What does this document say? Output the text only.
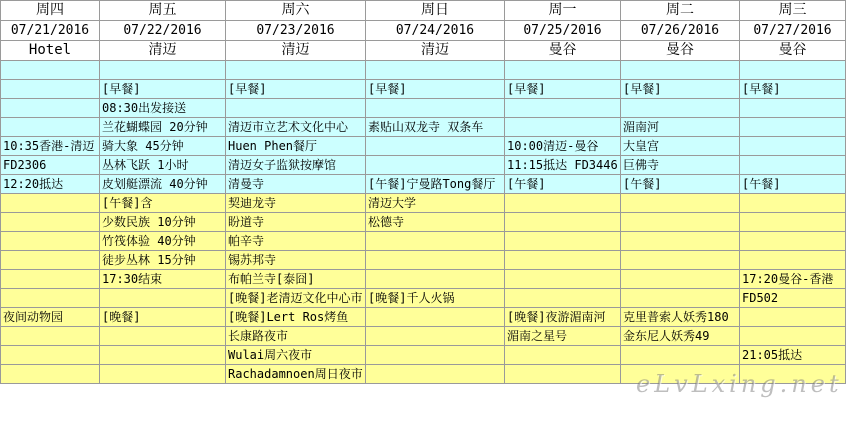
周四	周五	周六	周日	周一	周二	周三
07/21/2016	07/22/2016	07/23/2016	07/24/2016	07/25/2016	07/26/2016	07/27/2016
Hotel	清迈	清迈	清迈	曼谷	曼谷	曼谷

	[早餐]	[早餐]	[早餐]	[早餐]	[早餐]	[早餐]
	08:30出发接送					
	兰花蝴蝶园 20分钟	清迈市立艺术文化中心	素贴山双龙寺 双条车		湄南河	
10:35香港-清迈	骑大象 45分钟	Huen Phen餐厅		10:00清迈-曼谷	大皇宫	
FD2306	丛林飞跃 1小时	清迈女子监狱按摩馆		11:15抵达 FD3446	巨佛寺	
12:20抵达	皮划艇漂流 40分钟	清曼寺	[午餐]宁曼路Tong餐厅	[午餐]	[午餐]	[午餐]
	[午餐]含	契迪龙寺	清迈大学			
	少数民族 10分钟	盼道寺	松德寺			
	竹筏体验 40分钟	帕辛寺				
	徒步丛林 15分钟	锡苏邦寺				
	17:30结束	布帕兰寺[泰囧]				17:20曼谷-香港
		[晚餐]老清迈文化中心市	[晚餐]千人火锅			FD502
夜间动物园	[晚餐]	[晚餐]Lert Ros烤鱼		[晚餐]夜游湄南河	克里普索人妖秀180	
		长康路夜市		湄南之星号	金东尼人妖秀49	
		Wulai周六夜市				21:05抵达
		Rachadamnoen周日夜市					eLvLxing.net
